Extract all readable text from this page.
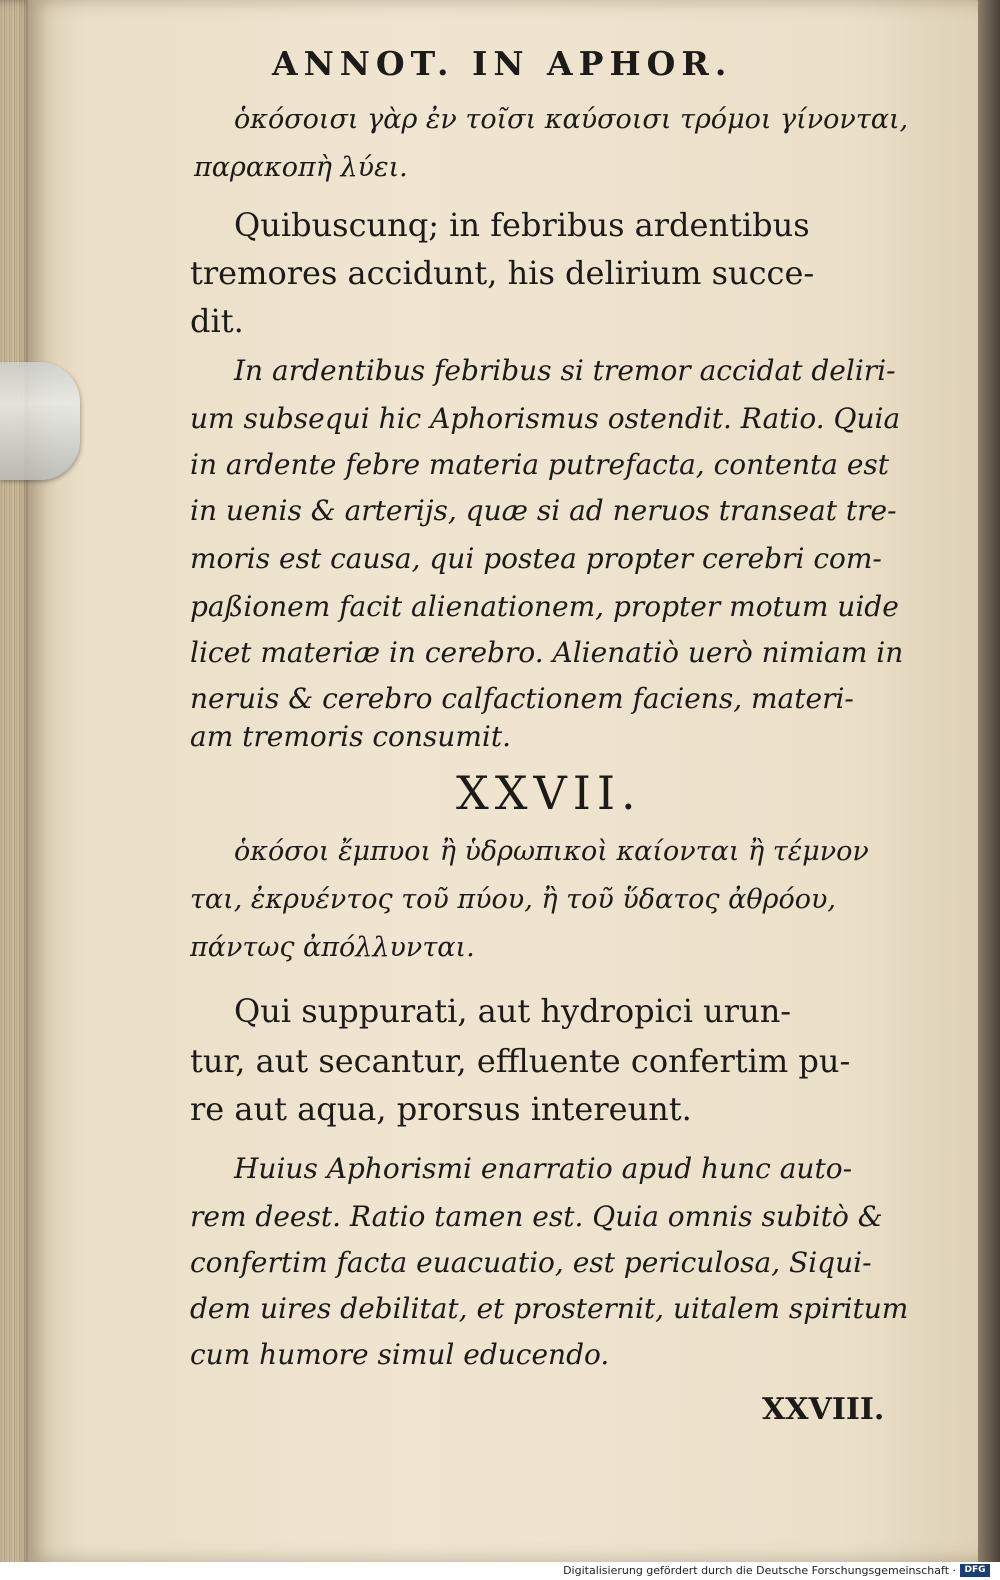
ANNOT. IN APHOR.
ὁκόσοισι γὰρ ἐν τοῖσι καύσοισι τρόμοι γίνονται,
παρακοπὴ λύει.
Quibuscunq; in febribus ardentibus
tremores accidunt, his delirium succe-
dit.
In ardentibus febribus si tremor accidat deliri-
um subsequi hic Aphorismus ostendit. Ratio. Quia
in ardente febre materia putrefacta, contenta est
in uenis & arterijs, quæ si ad neruos transeat tre-
moris est causa, qui postea propter cerebri com-
paßionem facit alienationem, propter motum uide
licet materiæ in cerebro. Alienatiò uerò nimiam in
neruis & cerebro calfactionem faciens, materi-
am tremoris consumit.
XXVII.
ὁκόσοι ἔμπυοι ἢ ὑδρωπικοὶ καίονται ἢ τέμνον
ται, ἐκρυέντος τοῦ πύου, ἢ τοῦ ὕδατος ἀθρόου,
πάντως ἀπόλλυνται.
Qui suppurati, aut hydropici urun-
tur, aut secantur, effluente confertim pu-
re aut aqua, prorsus intereunt.
Huius Aphorismi enarratio apud hunc auto-
rem deest. Ratio tamen est. Quia omnis subitò &
confertim facta euacuatio, est periculosa, Siqui-
dem uires debilitat, et prosternit, uitalem spiritum
cum humore simul educendo.
XXVIII.
Digitalisierung gefördert durch die Deutsche Forschungsgemeinschaft · DFG
